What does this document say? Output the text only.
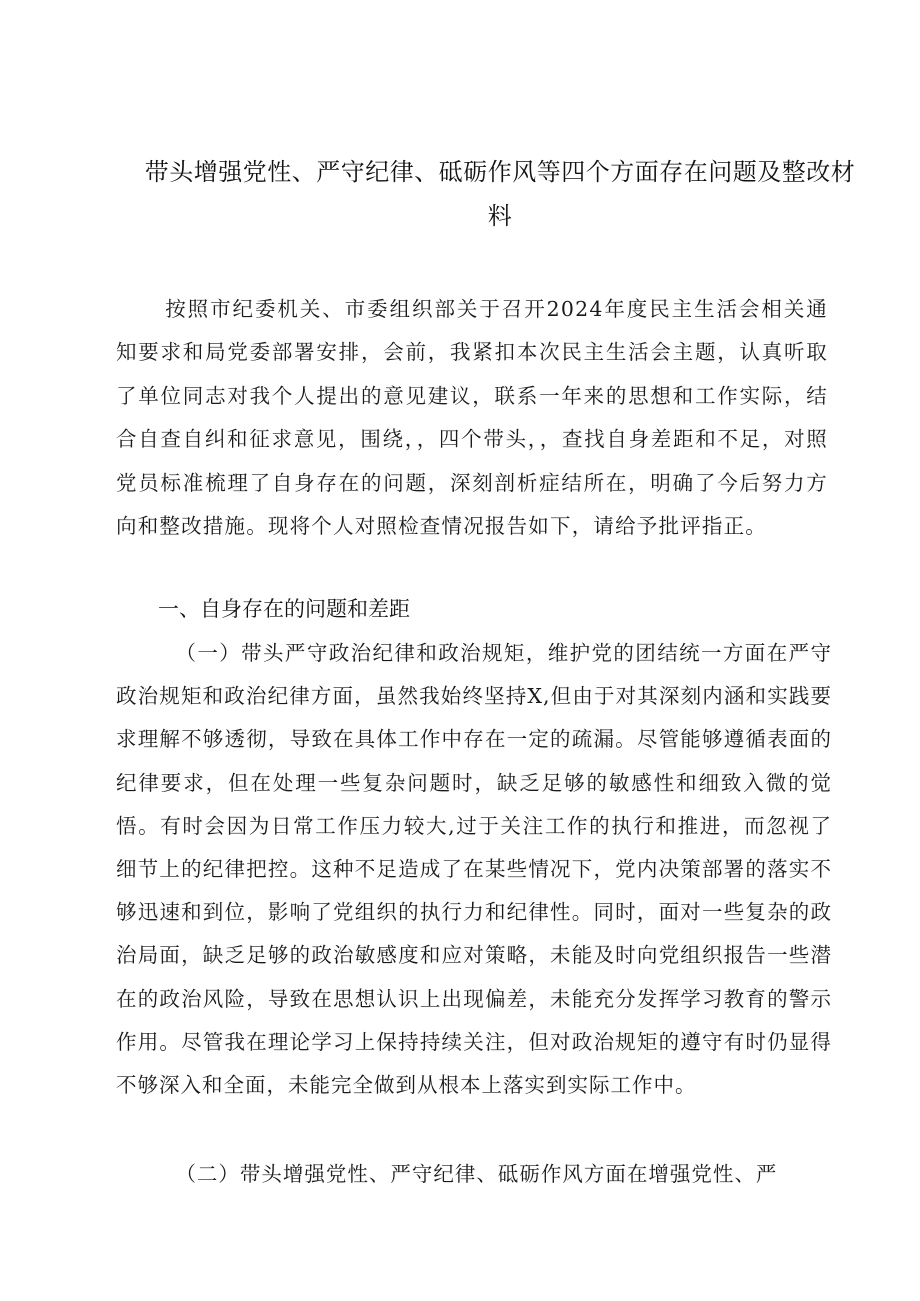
带头增强党性、严守纪律、砥砺作风等四个方面存在问题及整改材料
按照市纪委机关、市委组织部关于召开2024年度民主生活会相关通知要求和局党委部署安排，会前，我紧扣本次民主生活会主题，认真听取了单位同志对我个人提出的意见建议，联系一年来的思想和工作实际，结合自查自纠和征求意见，围绕，，四个带头，，查找自身差距和不足，对照党员标准梳理了自身存在的问题，深刻剖析症结所在，明确了今后努力方向和整改措施。现将个人对照检查情况报告如下，请给予批评指正。
一、自身存在的问题和差距
（一）带头严守政治纪律和政治规矩，维护党的团结统一方面在严守政治规矩和政治纪律方面，虽然我始终坚持X,但由于对其深刻内涵和实践要求理解不够透彻，导致在具体工作中存在一定的疏漏。尽管能够遵循表面的纪律要求，但在处理一些复杂问题时，缺乏足够的敏感性和细致入微的觉悟。有时会因为日常工作压力较大,过于关注工作的执行和推进，而忽视了细节上的纪律把控。这种不足造成了在某些情况下，党内决策部署的落实不够迅速和到位，影响了党组织的执行力和纪律性。同时，面对一些复杂的政治局面，缺乏足够的政治敏感度和应对策略，未能及时向党组织报告一些潜在的政治风险，导致在思想认识上出现偏差，未能充分发挥学习教育的警示作用。尽管我在理论学习上保持持续关注，但对政治规矩的遵守有时仍显得不够深入和全面，未能完全做到从根本上落实到实际工作中。
（二）带头增强党性、严守纪律、砥砺作风方面在增强党性、严
